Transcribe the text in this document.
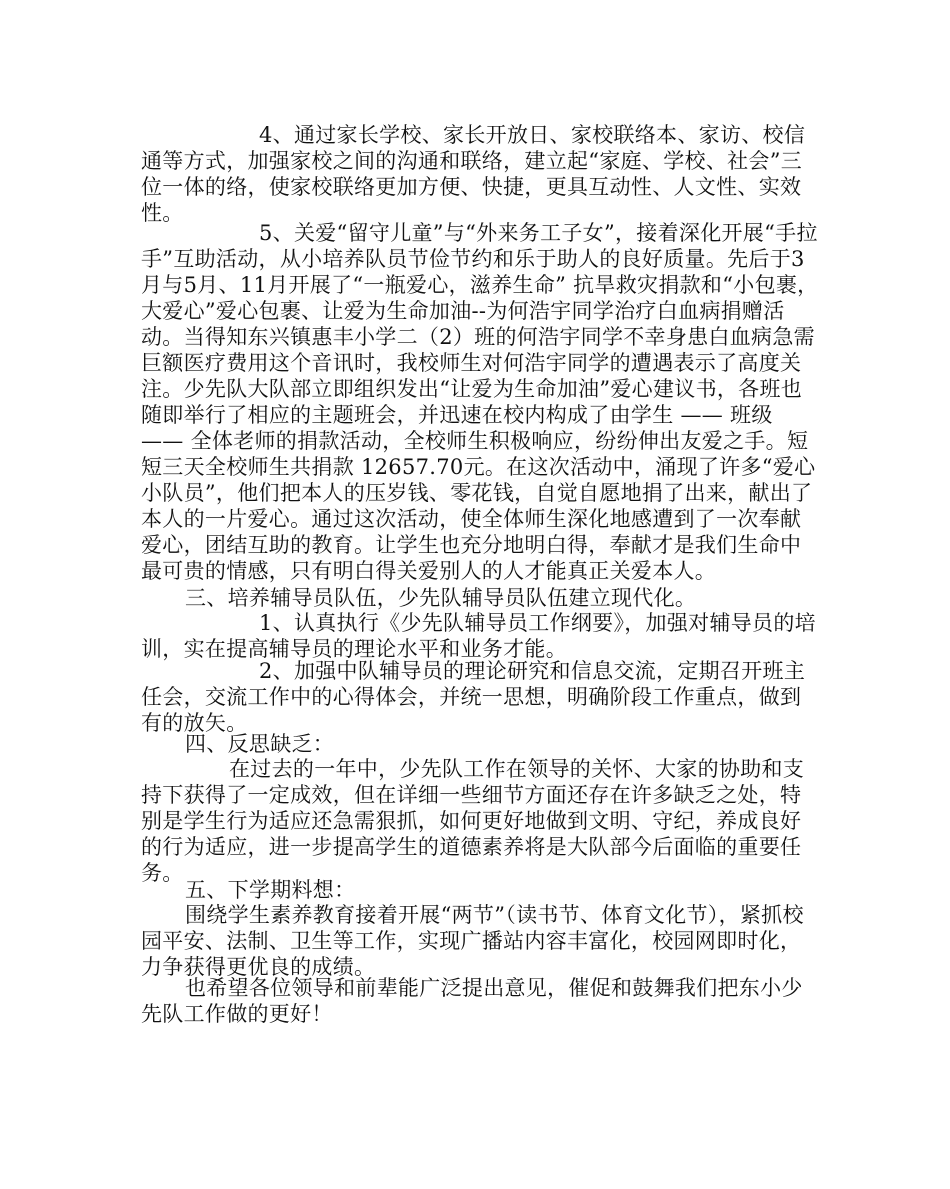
4、通过家长学校、家长开放日、家校联络本、家访、校信通等方式，加强家校之间的沟通和联络，建立起“家庭、学校、社会”三位一体的络，使家校联络更加方便、快捷，更具互动性、人文性、实效性。

5、关爱“留守儿童”与“外来务工子女”，接着深化开展“手拉手”互助活动，从小培养队员节俭节约和乐于助人的良好质量。先后于3月与5月、11月开展了“一瓶爱心，滋养生命” 抗旱救灾捐款和“小包裹，大爱心”爱心包裹、让爱为生命加油--为何浩宇同学治疗白血病捐赠活动。当得知东兴镇惠丰小学二（2）班的何浩宇同学不幸身患白血病急需巨额医疗费用这个音讯时，我校师生对何浩宇同学的遭遇表示了高度关注。少先队大队部立即组织发出“让爱为生命加油”爱心建议书，各班也随即举行了相应的主题班会，并迅速在校内构成了由学生 —— 班级 —— 全体老师的捐款活动，全校师生积极响应，纷纷伸出友爱之手。短短三天全校师生共捐款 12657.70元。在这次活动中，涌现了许多“爱心小队员”，他们把本人的压岁钱、零花钱，自觉自愿地捐了出来，献出了本人的一片爱心。通过这次活动，使全体师生深化地感遭到了一次奉献爱心，团结互助的教育。让学生也充分地明白得，奉献才是我们生命中最可贵的情感，只有明白得关爱别人的人才能真正关爱本人。

三、培养辅导员队伍，少先队辅导员队伍建立现代化。

1、认真执行《少先队辅导员工作纲要》，加强对辅导员的培训，实在提高辅导员的理论水平和业务才能。

2、加强中队辅导员的理论研究和信息交流，定期召开班主任会，交流工作中的心得体会，并统一思想，明确阶段工作重点，做到有的放矢。

四、反思缺乏：

在过去的一年中，少先队工作在领导的关怀、大家的协助和支持下获得了一定成效，但在详细一些细节方面还存在许多缺乏之处，特别是学生行为适应还急需狠抓，如何更好地做到文明、守纪，养成良好的行为适应，进一步提高学生的道德素养将是大队部今后面临的重要任务。

五、下学期料想：

围绕学生素养教育接着开展“两节”（读书节、体育文化节），紧抓校园平安、法制、卫生等工作，实现广播站内容丰富化，校园网即时化，力争获得更优良的成绩。

也希望各位领导和前辈能广泛提出意见，催促和鼓舞我们把东小少先队工作做的更好！
